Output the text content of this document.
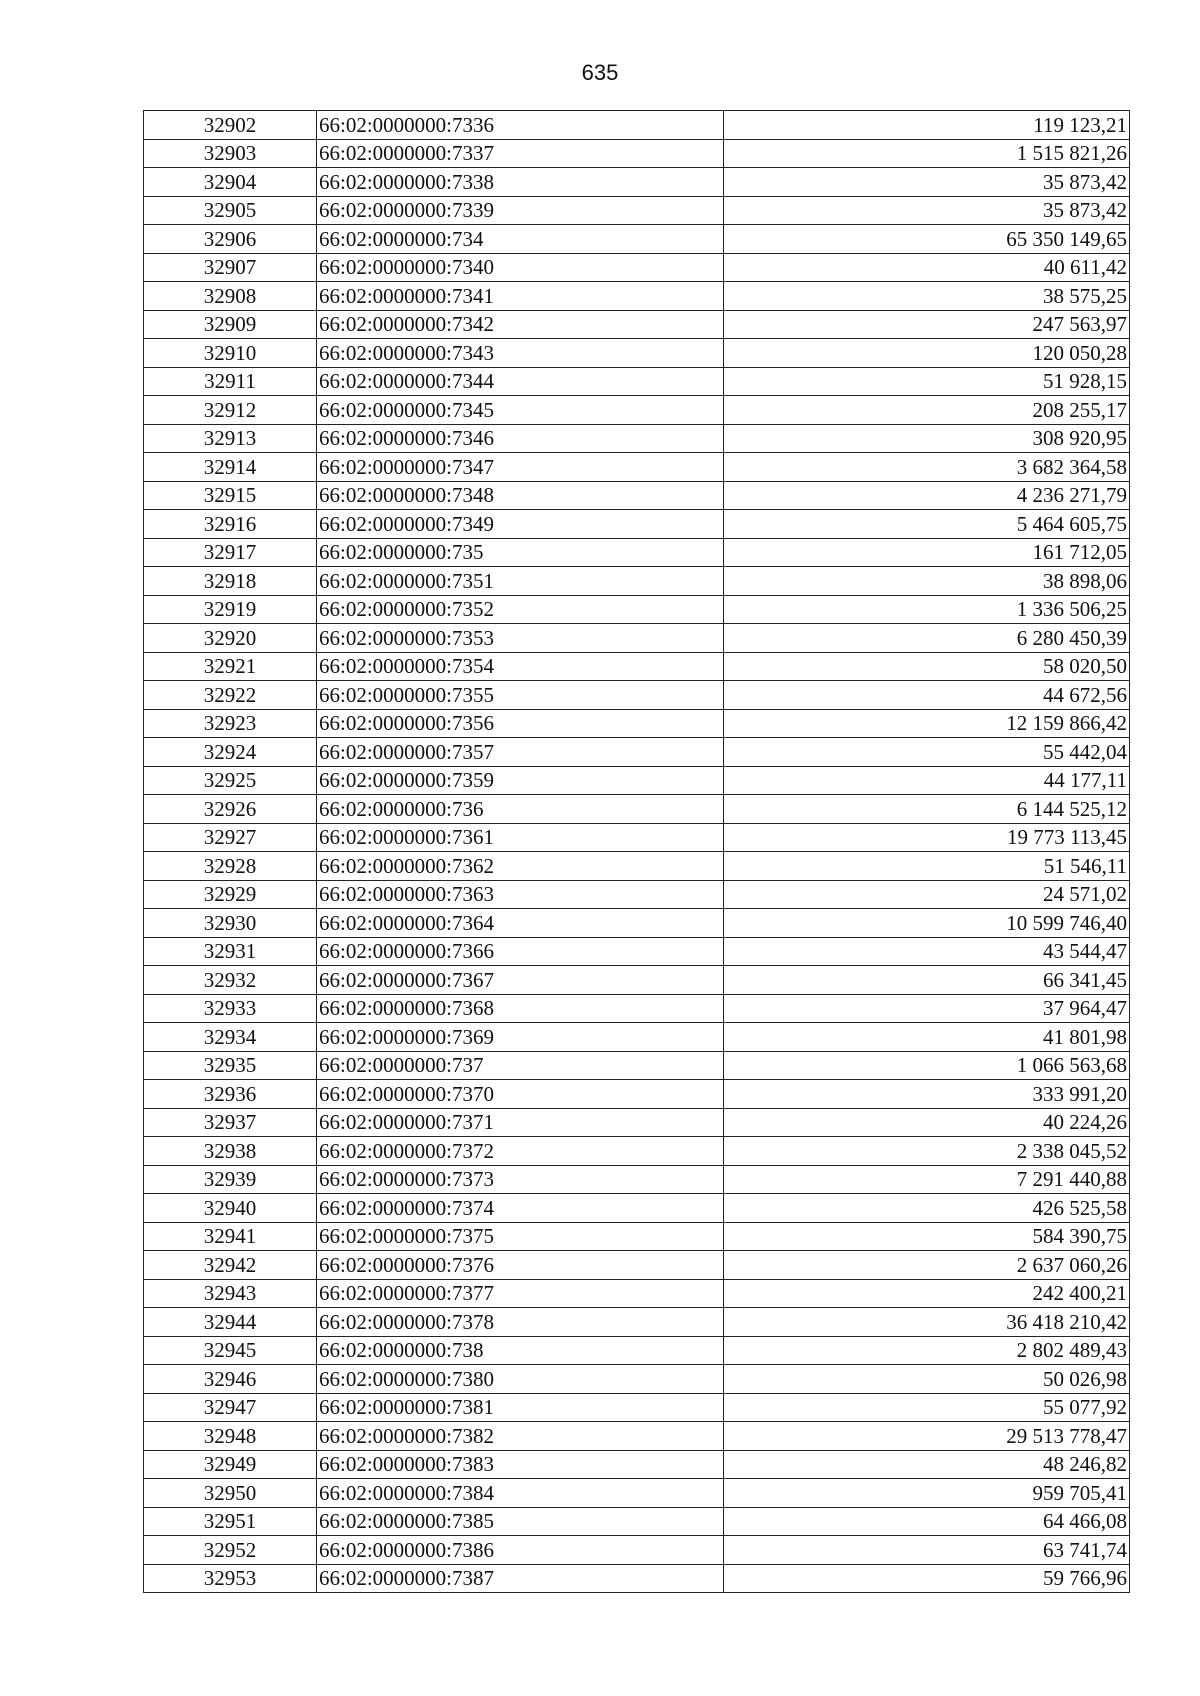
635
32902	66:02:0000000:7336	119 123,21
32903	66:02:0000000:7337	1 515 821,26
32904	66:02:0000000:7338	35 873,42
32905	66:02:0000000:7339	35 873,42
32906	66:02:0000000:734	65 350 149,65
32907	66:02:0000000:7340	40 611,42
32908	66:02:0000000:7341	38 575,25
32909	66:02:0000000:7342	247 563,97
32910	66:02:0000000:7343	120 050,28
32911	66:02:0000000:7344	51 928,15
32912	66:02:0000000:7345	208 255,17
32913	66:02:0000000:7346	308 920,95
32914	66:02:0000000:7347	3 682 364,58
32915	66:02:0000000:7348	4 236 271,79
32916	66:02:0000000:7349	5 464 605,75
32917	66:02:0000000:735	161 712,05
32918	66:02:0000000:7351	38 898,06
32919	66:02:0000000:7352	1 336 506,25
32920	66:02:0000000:7353	6 280 450,39
32921	66:02:0000000:7354	58 020,50
32922	66:02:0000000:7355	44 672,56
32923	66:02:0000000:7356	12 159 866,42
32924	66:02:0000000:7357	55 442,04
32925	66:02:0000000:7359	44 177,11
32926	66:02:0000000:736	6 144 525,12
32927	66:02:0000000:7361	19 773 113,45
32928	66:02:0000000:7362	51 546,11
32929	66:02:0000000:7363	24 571,02
32930	66:02:0000000:7364	10 599 746,40
32931	66:02:0000000:7366	43 544,47
32932	66:02:0000000:7367	66 341,45
32933	66:02:0000000:7368	37 964,47
32934	66:02:0000000:7369	41 801,98
32935	66:02:0000000:737	1 066 563,68
32936	66:02:0000000:7370	333 991,20
32937	66:02:0000000:7371	40 224,26
32938	66:02:0000000:7372	2 338 045,52
32939	66:02:0000000:7373	7 291 440,88
32940	66:02:0000000:7374	426 525,58
32941	66:02:0000000:7375	584 390,75
32942	66:02:0000000:7376	2 637 060,26
32943	66:02:0000000:7377	242 400,21
32944	66:02:0000000:7378	36 418 210,42
32945	66:02:0000000:738	2 802 489,43
32946	66:02:0000000:7380	50 026,98
32947	66:02:0000000:7381	55 077,92
32948	66:02:0000000:7382	29 513 778,47
32949	66:02:0000000:7383	48 246,82
32950	66:02:0000000:7384	959 705,41
32951	66:02:0000000:7385	64 466,08
32952	66:02:0000000:7386	63 741,74
32953	66:02:0000000:7387	59 766,96
